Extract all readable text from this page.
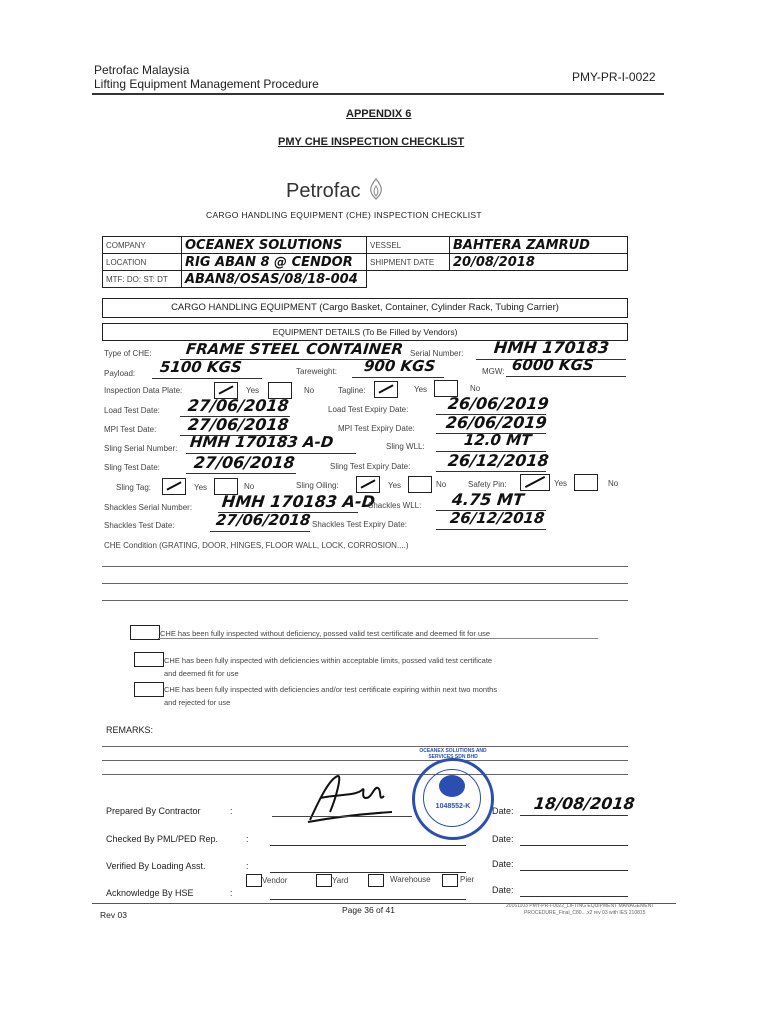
Petrofac Malaysia
Lifting Equipment Management Procedure	PMY-PR-I-0022
APPENDIX 6
PMY CHE INSPECTION CHECKLIST
Petrofac
CARGO HANDLING EQUIPMENT (CHE) INSPECTION CHECKLIST
COMPANY	OCEANEX SOLUTIONS	VESSEL	BAHTERA ZAMRUD
LOCATION	RIG ABAN 8 @ CENDOR	SHIPMENT DATE	20/08/2018
MTF: DO: ST: DT	ABAN8/OSAS/08/18-004		
CARGO HANDLING EQUIPMENT (Cargo Basket, Container, Cylinder Rack, Tubing Carrier)
EQUIPMENT DETAILS (To Be Filled by Vendors)
Type of CHE: FRAME STEEL CONTAINER Serial Number: HMH 170183
Payload: 5100 KGS	Tareweight: 900 KGS	MGW: 6000 KGS
Inspection Data Plate:	Yes	No	Tagline:	Yes	No
Load Test Date: 27/06/2018	Load Test Expiry Date: 26/06/2019
MPI Test Date: 27/06/2018	MPI Test Expiry Date: 26/06/2019
Sling Serial Number: HMH 170183 A-D	Sling WLL:	12.0 MT
Sling Test Date: 27/06/2018	Sling Test Expiry Date: 26/12/2018
Sling Tag:	Yes	No	Sling Oiling:	Yes	No	Safety Pin:	Yes	No
Shackles Serial Number: HMH 170183 A-D
Shackles WLL: 4.75 MT
Shackles Test Date:	27/06/2018 Shackles Test Expiry Date:	26/12/2018
CHE Condition (GRATING, DOOR, HINGES, FLOOR WALL, LOCK, CORROSION....)
CHE has been fully inspected without deficiency, possed valid test certificate and deemed fit for use
CHE has been fully inspected with deficiencies within acceptable limits, possed valid test certificate
and deemed fit for use
CHE has been fully inspected with deficiencies and/or test certificate expiring within next two months
and rejected for use
REMARKS:
Prepared By Contractor	:
OCEANEX SOLUTIONS AND SERVICES SDN BHD
1048552-K	Date: 18/08/2018
Checked By PML/PED Rep.	:	Date:
Verified By Loading Asst.	:	Date:
Vendor	Yard	Warehouse	Pier
Acknowledge By HSE	:	Date:
Rev 03	Page 36 of 41	20161103 PMY-PR-I-0022_LIFTING EQUIPMENT MANAGEMENT
PROCEDURE_Final_C80....x2 rev 03 with IES 210815
